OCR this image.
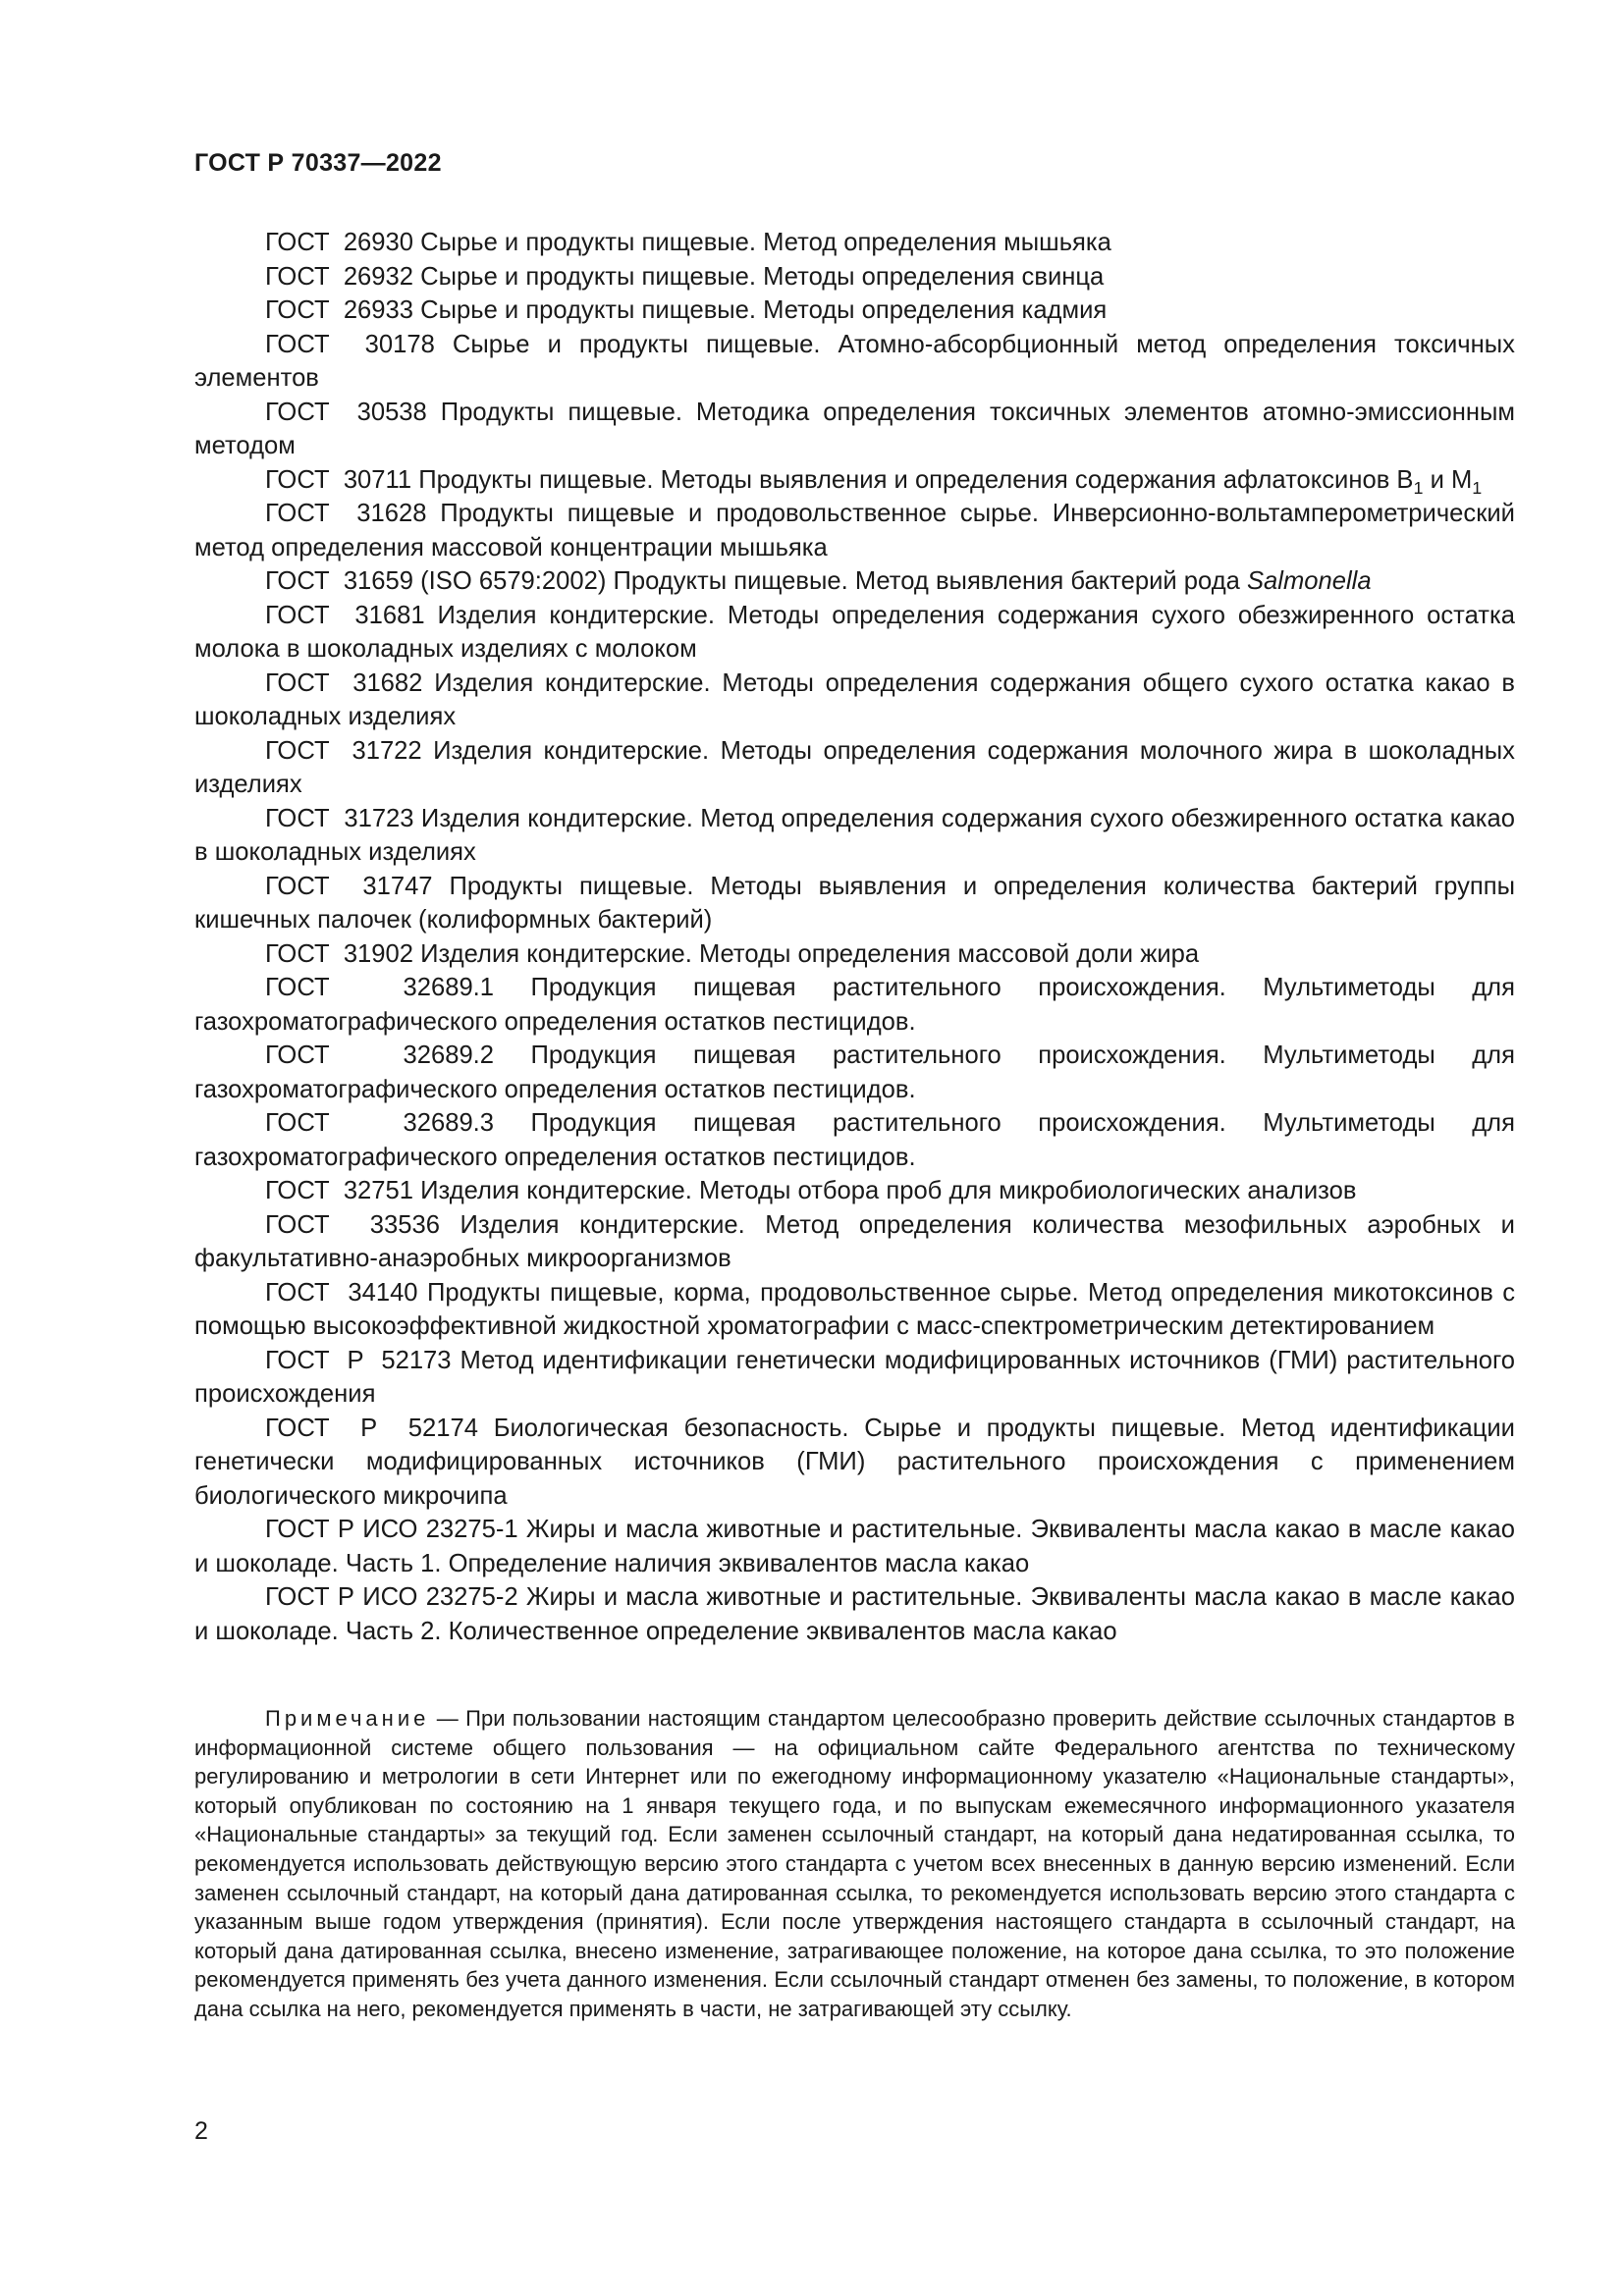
ГОСТ Р 70337—2022

ГОСТ  26930 Сырье и продукты пищевые. Метод определения мышьяка

ГОСТ  26932 Сырье и продукты пищевые. Методы определения свинца

ГОСТ  26933 Сырье и продукты пищевые. Методы определения кадмия

ГОСТ  30178 Сырье и продукты пищевые. Атомно-абсорбционный метод определения токсичных элементов

ГОСТ  30538 Продукты пищевые. Методика определения токсичных элементов атомно-эмиссионным методом

ГОСТ  30711 Продукты пищевые. Методы выявления и определения содержания афлатоксинов $B_1$ и $M_1$

ГОСТ  31628 Продукты пищевые и продовольственное сырье. Инверсионно-вольтамперометрический метод определения массовой концентрации мышьяка

ГОСТ  31659 (ISO 6579:2002) Продукты пищевые. Метод выявления бактерий рода Salmonella

ГОСТ  31681 Изделия кондитерские. Методы определения содержания сухого обезжиренного остатка молока в шоколадных изделиях с молоком

ГОСТ  31682 Изделия кондитерские. Методы определения содержания общего сухого остатка какао в шоколадных изделиях

ГОСТ  31722 Изделия кондитерские. Методы определения содержания молочного жира в шоколадных изделиях

ГОСТ  31723 Изделия кондитерские. Метод определения содержания сухого обезжиренного остатка какао в шоколадных изделиях

ГОСТ  31747 Продукты пищевые. Методы выявления и определения количества бактерий группы кишечных палочек (колиформных бактерий)

ГОСТ  31902 Изделия кондитерские. Методы определения массовой доли жира

ГОСТ  32689.1 Продукция пищевая растительного происхождения. Мультиметоды для газохроматографического определения остатков пестицидов.

ГОСТ  32689.2 Продукция пищевая растительного происхождения. Мультиметоды для газохроматографического определения остатков пестицидов.

ГОСТ  32689.3 Продукция пищевая растительного происхождения. Мультиметоды для газохроматографического определения остатков пестицидов.

ГОСТ  32751 Изделия кондитерские. Методы отбора проб для микробиологических анализов

ГОСТ  33536 Изделия кондитерские. Метод определения количества мезофильных аэробных и факультативно-анаэробных микроорганизмов

ГОСТ  34140 Продукты пищевые, корма, продовольственное сырье. Метод определения микотоксинов с помощью высокоэффективной жидкостной хроматографии с масс-спектрометрическим детектированием

ГОСТ  Р  52173 Метод идентификации генетически модифицированных источников (ГМИ) растительного происхождения

ГОСТ  Р  52174 Биологическая безопасность. Сырье и продукты пищевые. Метод идентификации генетически модифицированных источников (ГМИ) растительного происхождения с применением биологического микрочипа

ГОСТ Р ИСО 23275-1 Жиры и масла животные и растительные. Эквиваленты масла какао в масле какао и шоколаде. Часть 1. Определение наличия эквивалентов масла какао

ГОСТ Р ИСО 23275-2 Жиры и масла животные и растительные. Эквиваленты масла какао в масле какао и шоколаде. Часть 2. Количественное определение эквивалентов масла какао

Примечание — При пользовании настоящим стандартом целесообразно проверить действие ссылочных стандартов в информационной системе общего пользования — на официальном сайте Федерального агентства по техническому регулированию и метрологии в сети Интернет или по ежегодному информационному указателю «Национальные стандарты», который опубликован по состоянию на 1 января текущего года, и по выпускам ежемесячного информационного указателя «Национальные стандарты» за текущий год. Если заменен ссылочный стандарт, на который дана недатированная ссылка, то рекомендуется использовать действующую версию этого стандарта с учетом всех внесенных в данную версию изменений. Если заменен ссылочный стандарт, на который дана датированная ссылка, то рекомендуется использовать версию этого стандарта с указанным выше годом утверждения (принятия). Если после утверждения настоящего стандарта в ссылочный стандарт, на который дана датированная ссылка, внесено изменение, затрагивающее положение, на которое дана ссылка, то это положение рекомендуется применять без учета данного изменения. Если ссылочный стандарт отменен без замены, то положение, в котором дана ссылка на него, рекомендуется применять в части, не затрагивающей эту ссылку.

2
